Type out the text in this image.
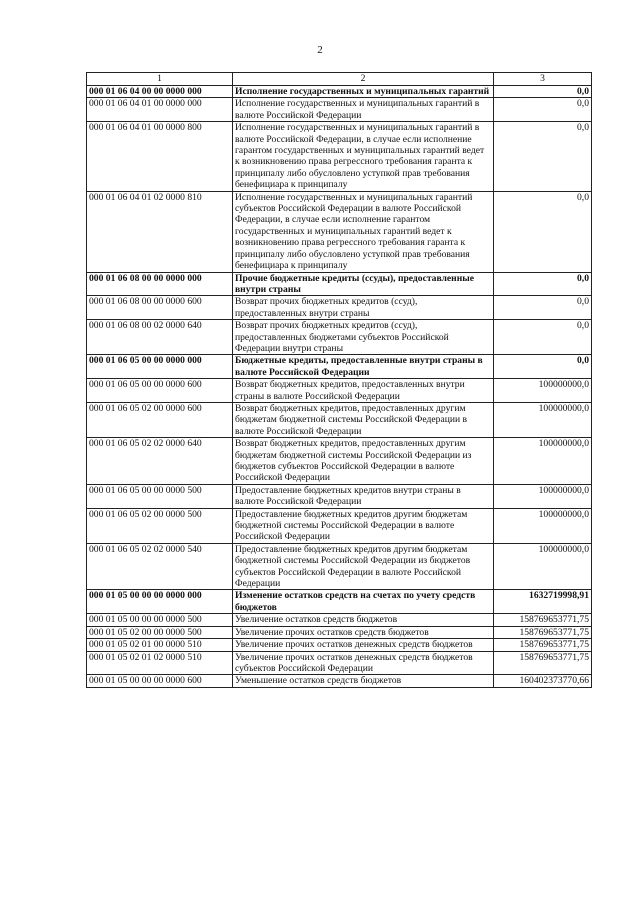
2
1	2	3
000 01 06 04 00 00 0000 000	Исполнение государственных и муниципальных гарантий	0,0
000 01 06 04 01 00 0000 000	Исполнение государственных и муниципальных гарантий в валюте Российской Федерации	0,0
000 01 06 04 01 00 0000 800	Исполнение государственных и муниципальных гарантий в валюте Российской Федерации, в случае если исполнение гарантом государственных и муниципальных гарантий ведет к возникновению права регрессного требования гаранта к принципалу либо обусловлено уступкой прав требования бенефициара к принципалу	0,0
000 01 06 04 01 02 0000 810	Исполнение государственных и муниципальных гарантий субъектов Российской Федерации в валюте Российской Федерации, в случае если исполнение гарантом государственных и муниципальных гарантий ведет к возникновению права регрессного требования гаранта к принципалу либо обусловлено уступкой прав требования бенефициара к принципалу	0,0
000 01 06 08 00 00 0000 000	Прочие бюджетные кредиты (ссуды), предоставленные внутри страны	0,0
000 01 06 08 00 00 0000 600	Возврат прочих бюджетных кредитов (ссуд), предоставленных внутри страны	0,0
000 01 06 08 00 02 0000 640	Возврат прочих бюджетных кредитов (ссуд), предоставленных бюджетами субъектов Российской Федерации внутри страны	0,0
000 01 06 05 00 00 0000 000	Бюджетные кредиты, предоставленные внутри страны в валюте Российской Федерации	0,0
000 01 06 05 00 00 0000 600	Возврат бюджетных кредитов, предоставленных внутри страны в валюте Российской Федерации	100000000,0
000 01 06 05 02 00 0000 600	Возврат бюджетных кредитов, предоставленных другим бюджетам бюджетной системы Российской Федерации в валюте Российской Федерации	100000000,0
000 01 06 05 02 02 0000 640	Возврат бюджетных кредитов, предоставленных другим бюджетам бюджетной системы Российской Федерации из бюджетов субъектов Российской Федерации в валюте Российской Федерации	100000000,0
000 01 06 05 00 00 0000 500	Предоставление бюджетных кредитов внутри страны в валюте Российской Федерации	100000000,0
000 01 06 05 02 00 0000 500	Предоставление бюджетных кредитов другим бюджетам бюджетной системы Российской Федерации в валюте Российской Федерации	100000000,0
000 01 06 05 02 02 0000 540	Предоставление бюджетных кредитов другим бюджетам бюджетной системы Российской Федерации из бюджетов субъектов Российской Федерации в валюте Российской Федерации	100000000,0
000 01 05 00 00 00 0000 000	Изменение остатков средств на счетах по учету средств бюджетов	1632719998,91
000 01 05 00 00 00 0000 500	Увеличение остатков средств бюджетов	158769653771,75
000 01 05 02 00 00 0000 500	Увеличение прочих остатков средств бюджетов	158769653771,75
000 01 05 02 01 00 0000 510	Увеличение прочих остатков денежных средств бюджетов	158769653771,75
000 01 05 02 01 02 0000 510	Увеличение прочих остатков денежных средств бюджетов субъектов Российской Федерации	158769653771,75
000 01 05 00 00 00 0000 600	Уменьшение остатков средств бюджетов	160402373770,66
